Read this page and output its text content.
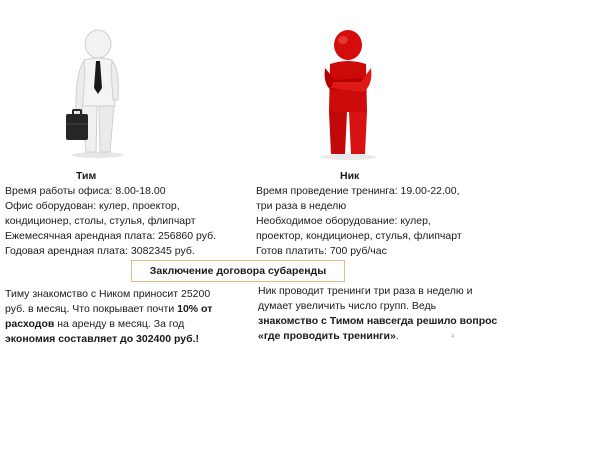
Тим	Ник
Время работы офиса: 8.00-18.00
Офис оборудован: кулер, проектор,
кондиционер, столы, стулья, флипчарт
Ежемесячная арендная плата: 256860 руб.
Годовая арендная плата: 3082345 руб.
Время проведение тренинга: 19.00-22.00,
три раза в неделю
Необходимое оборудование: кулер,
проектор, кондиционер, стулья, флипчарт
Готов платить: 700 руб/час
Заключение договора субаренды
Тиму знакомство с Ником приносит 25200 руб. в месяц. Что покрывает почти 10% от расходов на аренду в месяц. За год экономия составляет до 302400 руб.!
Ник проводит тренинги три раза в неделю и думает увеличить число групп. Ведь знакомство с Тимом навсегда решило вопрос «где проводить тренинги».	4
